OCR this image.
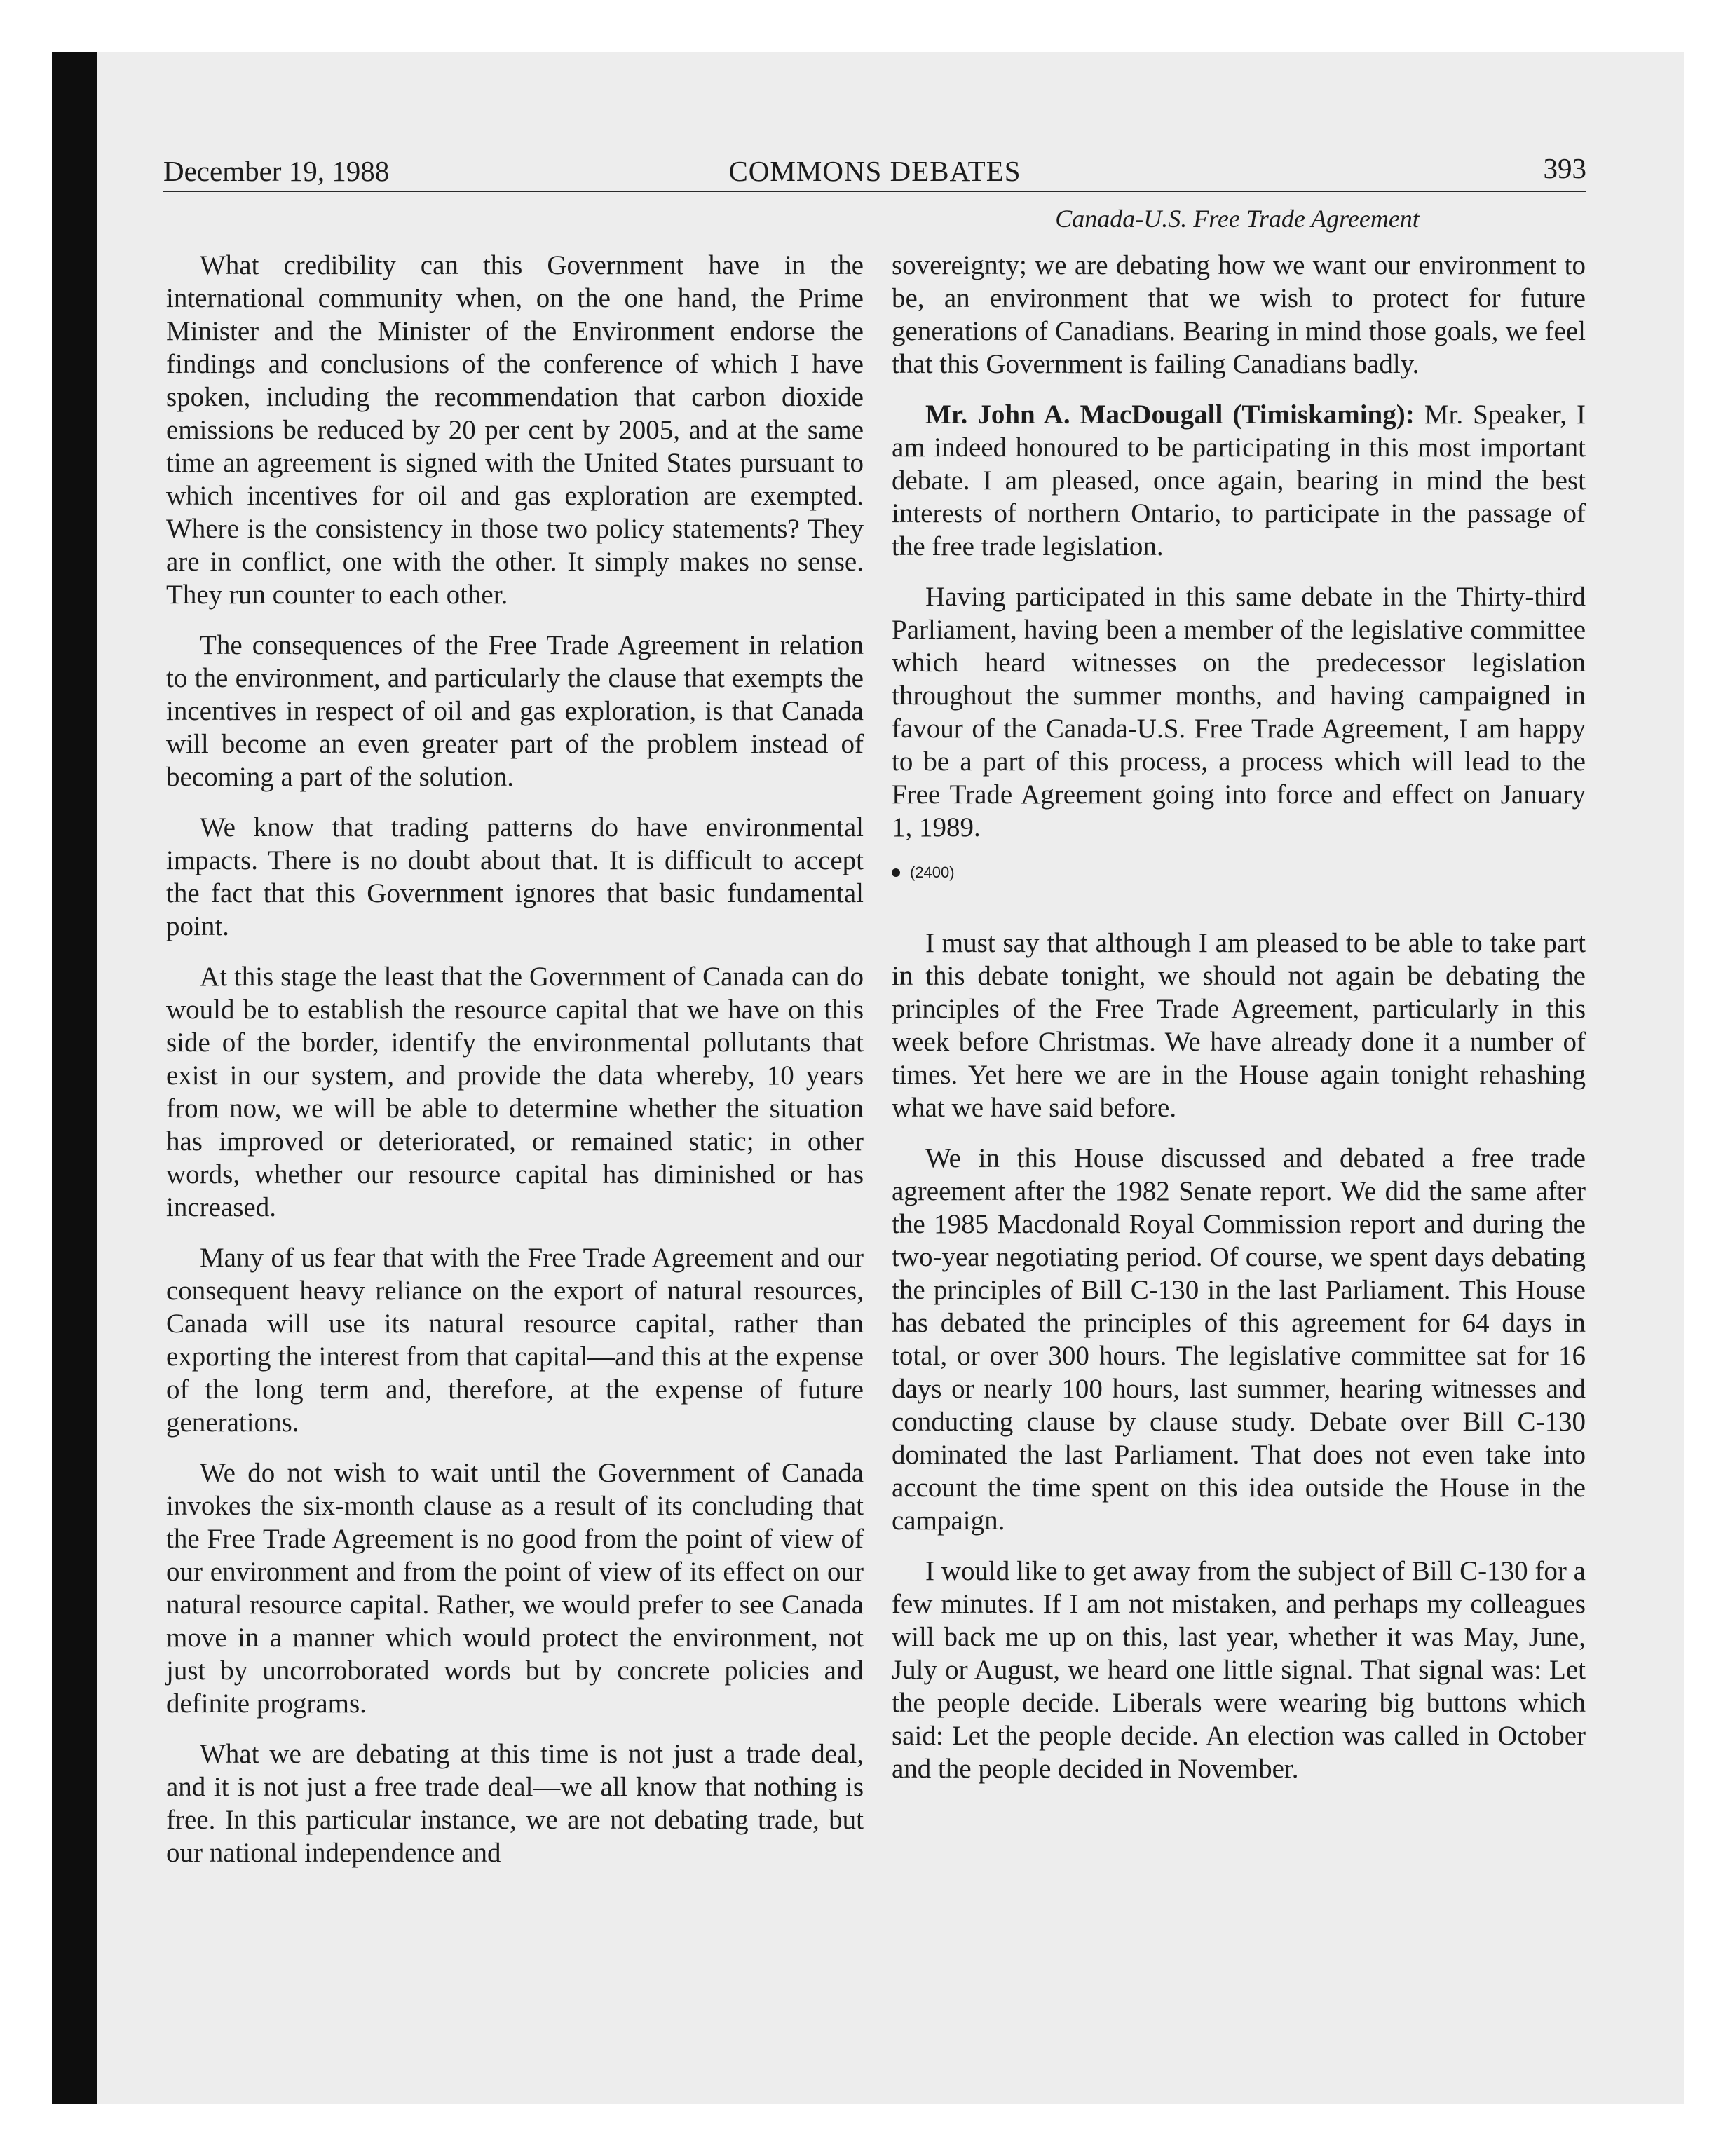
December 19, 1988	COMMONS DEBATES	393
Canada-U.S. Free Trade Agreement

What credibility can this Government have in the international community when, on the one hand, the Prime Minister and the Minister of the Environment endorse the findings and conclusions of the conference of which I have spoken, including the recommendation that carbon dioxide emissions be reduced by 20 per cent by 2005, and at the same time an agreement is signed with the United States pursuant to which incentives for oil and gas exploration are exempted. Where is the consistency in those two policy statements? They are in conflict, one with the other. It simply makes no sense. They run counter to each other.

The consequences of the Free Trade Agreement in relation to the environment, and particularly the clause that exempts the incentives in respect of oil and gas exploration, is that Canada will become an even greater part of the problem instead of becoming a part of the solution.

We know that trading patterns do have environmental impacts. There is no doubt about that. It is difficult to accept the fact that this Government ignores that basic fundamental point.

At this stage the least that the Government of Canada can do would be to establish the resource capital that we have on this side of the border, identify the environmental pollutants that exist in our system, and provide the data whereby, 10 years from now, we will be able to determine whether the situation has improved or deteriorated, or remained static; in other words, whether our resource capital has diminished or has increased.

Many of us fear that with the Free Trade Agreement and our consequent heavy reliance on the export of natural resources, Canada will use its natural resource capital, rather than exporting the interest from that capital—and this at the expense of the long term and, therefore, at the expense of future generations.

We do not wish to wait until the Government of Canada invokes the six-month clause as a result of its concluding that the Free Trade Agreement is no good from the point of view of our environment and from the point of view of its effect on our natural resource capital. Rather, we would prefer to see Canada move in a manner which would protect the environment, not just by uncorroborated words but by concrete policies and definite programs.

What we are debating at this time is not just a trade deal, and it is not just a free trade deal—we all know that nothing is free. In this particular instance, we are not debating trade, but our national independence and

sovereignty; we are debating how we want our environment to be, an environment that we wish to protect for future generations of Canadians. Bearing in mind those goals, we feel that this Government is failing Canadians badly.

Mr. John A. MacDougall (Timiskaming): Mr. Speaker, I am indeed honoured to be participating in this most important debate. I am pleased, once again, bearing in mind the best interests of northern Ontario, to participate in the passage of the free trade legislation.

Having participated in this same debate in the Thirty-third Parliament, having been a member of the legislative committee which heard witnesses on the predecessor legislation throughout the summer months, and having campaigned in favour of the Canada-U.S. Free Trade Agreement, I am happy to be a part of this process, a process which will lead to the Free Trade Agreement going into force and effect on January 1, 1989.

(2400)

I must say that although I am pleased to be able to take part in this debate tonight, we should not again be debating the principles of the Free Trade Agreement, particularly in this week before Christmas. We have already done it a number of times. Yet here we are in the House again tonight rehashing what we have said before.

We in this House discussed and debated a free trade agreement after the 1982 Senate report. We did the same after the 1985 Macdonald Royal Commission report and during the two-year negotiating period. Of course, we spent days debating the principles of Bill C-130 in the last Parliament. This House has debated the principles of this agreement for 64 days in total, or over 300 hours. The legislative committee sat for 16 days or nearly 100 hours, last summer, hearing witnesses and conducting clause by clause study. Debate over Bill C-130 dominated the last Parliament. That does not even take into account the time spent on this idea outside the House in the campaign.

I would like to get away from the subject of Bill C-130 for a few minutes. If I am not mistaken, and perhaps my colleagues will back me up on this, last year, whether it was May, June, July or August, we heard one little signal. That signal was: Let the people decide. Liberals were wearing big buttons which said: Let the people decide. An election was called in October and the people decided in November.
